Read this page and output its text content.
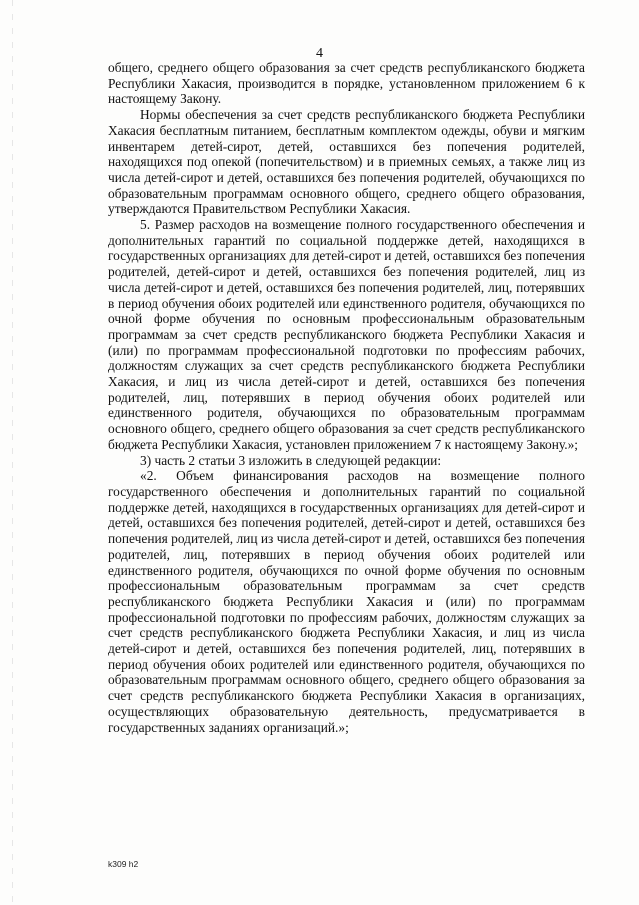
4

общего, среднего общего образования за счет средств республиканского бюджета Республики Хакасия, производится в порядке, установленном приложением 6 к настоящему Закону.

Нормы обеспечения за счет средств республиканского бюджета Республики Хакасия бесплатным питанием, бесплатным комплектом одежды, обуви и мягким инвентарем детей-сирот, детей, оставшихся без попечения родителей, находящихся под опекой (попечительством) и в приемных семьях, а также лиц из числа детей-сирот и детей, оставшихся без попечения родителей, обучающихся по образовательным программам основного общего, среднего общего образования, утверждаются Правительством Республики Хакасия.

5. Размер расходов на возмещение полного государственного обеспечения и дополнительных гарантий по социальной поддержке детей, находящихся в государственных организациях для детей-сирот и детей, оставшихся без попечения родителей, детей-сирот и детей, оставшихся без попечения родителей, лиц из числа детей-сирот и детей, оставшихся без попечения родителей, лиц, потерявших в период обучения обоих родителей или единственного родителя, обучающихся по очной форме обучения по основным профессиональным образовательным программам за счет средств республиканского бюджета Республики Хакасия и (или) по программам профессиональной подготовки по профессиям рабочих, должностям служащих за счет средств республиканского бюджета Республики Хакасия, и лиц из числа детей-сирот и детей, оставшихся без попечения родителей, лиц, потерявших в период обучения обоих родителей или единственного родителя, обучающихся по образовательным программам основного общего, среднего общего образования за счет средств республиканского бюджета Республики Хакасия, установлен приложением 7 к настоящему Закону.»;

3) часть 2 статьи 3 изложить в следующей редакции:

«2. Объем финансирования расходов на возмещение полного государственного обеспечения и дополнительных гарантий по социальной поддержке детей, находящихся в государственных организациях для детей-сирот и детей, оставшихся без попечения родителей, детей-сирот и детей, оставшихся без попечения родителей, лиц из числа детей-сирот и детей, оставшихся без попечения родителей, лиц, потерявших в период обучения обоих родителей или единственного родителя, обучающихся по очной форме обучения по основным профессиональным образовательным программам за счет средств республиканского бюджета Республики Хакасия и (или) по программам профессиональной подготовки по профессиям рабочих, должностям служащих за счет средств республиканского бюджета Республики Хакасия, и лиц из числа детей-сирот и детей, оставшихся без попечения родителей, лиц, потерявших в период обучения обоих родителей или единственного родителя, обучающихся по образовательным программам основного общего, среднего общего образования за счет средств республиканского бюджета Республики Хакасия в организациях, осуществляющих образовательную деятельность, предусматривается в государственных заданиях организаций.»;

k309 h2
